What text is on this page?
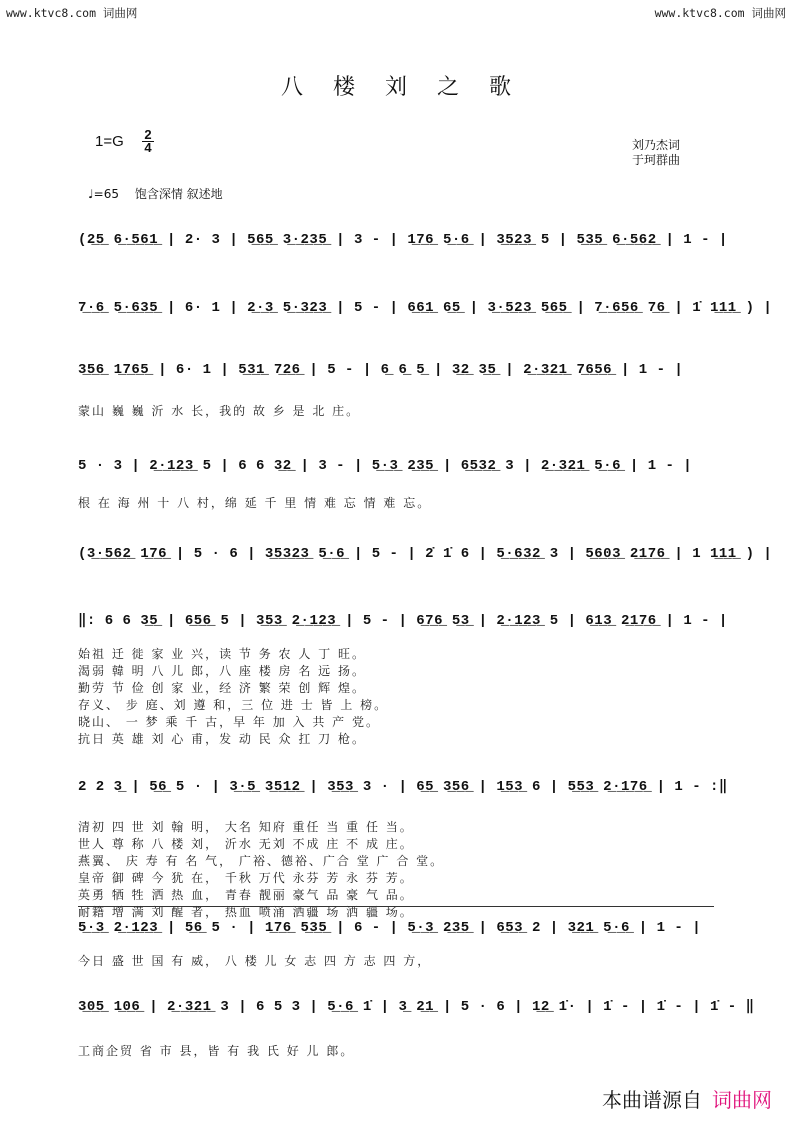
www.ktvc8.com 词曲网	www.ktvc8.com 词曲网
八楼刘之歌
$1=G \frac{2}{4}$	刘乃杰词
于珂群曲
♩=65 饱含深情 叙述地
(2̲5̲ 6̲·̲5̲6̲1̲ | 2· 3 | 5̲6̲5̲ 3̲·̲2̲3̲5̲ | 3 - | 1̲7̲6̲ 5̲·̲6̲ | 3̲5̲2̲3̲ 5 | 5̲3̲5̲ 6̲·̲5̲6̲2̲ | 1 - |
7̲·̲6̲ 5̲·̲6̲3̲5̲ | 6· 1 | 2̲·̲3̲ 5̲·̲3̲2̲3̲ | 5 - | 6̲6̲1̲ 6̲5̲ | 3̲·̲5̲2̲3̲ 5̲6̲5̲ | 7̲·̲6̲5̲6̲ 7̲6̲ | 1̇ 1̲1̲1̲ ) |
3̲5̲6̲ 1̲7̲6̲5̲ | 6· 1 | 5̲3̲1̲ 7̲2̲6̲ | 5 - | 6̲ 6̲ 5̲ | 3̲2̲ 3̲5̲ | 2̲·̲3̲2̲1̲ 7̲6̲5̲6̲ | 1 - |
蒙山 巍 巍 沂 水 长，我的 故 乡 是 北 庄。
5 · 3 | 2̲·̲1̲2̲3̲ 5 | 6 6 3̲2̲ | 3 - | 5̲·̲3̲ 2̲3̲5̲ | 6̲5̲3̲2̲ 3 | 2̲·̲3̲2̲1̲ 5̲·̲6̲ | 1 - |
根 在 海 州 十 八 村，绵 延 千 里 情 难 忘 情 难 忘。
(3̲·̲5̲6̲2̲ 1̲7̲6̲ | 5 · 6 | 3̲5̲3̲2̲3̲ 5̲·̲6̲ | 5 - | 2̇ 1̇ 6 | 5̲·̲6̲3̲2̲ 3 | 5̲6̲0̲3̲ 2̲1̲7̲6̲ | 1 1̲1̲1̲ ) |
‖: 6 6 3̲5̲ | 6̲5̲6̲ 5 | 3̲5̲3̲ 2̲·̲1̲2̲3̲ | 5 - | 6̲7̲6̲ 5̲3̲ | 2̲·̲1̲2̲3̲ 5 | 6̲1̲3̲ 2̲1̲7̲6̲ | 1 - |
始祖 迁 徙 家 业 兴，读 节 务 农 人 丁 旺。
渴弱 韓 明 八 儿 郎，八 座 楼 房 名 远 扬。
勤劳 节 俭 创 家 业，经 济 繁 荣 创 辉 煌。
存义、 步 庭、刘 遵 和，三 位 进 士 皆 上 榜。
晓山、 一 梦 乘 千 古，早 年 加 入 共 产 党。
抗日 英 雄 刘 心 甫，发 动 民 众 扛 刀 枪。
2 2 3̲ | 5̲6̲ 5 · | 3̲·̲5̲ 3̲5̲1̲2̲ | 3̲5̲3̲ 3 · | 6̲5̲ 3̲5̲6̲ | 1̲5̲3̲ 6 | 5̲5̲3̲ 2̲·̲1̲7̲6̲ | 1 - :‖
清初 四 世 刘 翰 明， 大名 知府 重任 当 重 任 当。
世人 尊 称 八 楼 刘， 沂水 无刘 不成 庄 不 成 庄。
燕翼、 庆 寿 有 名 气， 广裕、德裕、广合 堂 广 合 堂。
皇帝 御 碑 今 犹 在， 千秋 万代 永芬 芳 永 芬 芳。
英勇 牺 牲 洒 热 血， 青春 靓丽 豪气 品 豪 气 品。
耐籍 增 满 刘 醒 者， 热血 喷涌 洒疆 场 洒 疆 场。
5̲·̲3̲ 2̲·̲1̲2̲3̲ | 5̲6̲ 5 · | 1̲7̲6̲ 5̲3̲5̲ | 6 - | 5̲·̲3̲ 2̲3̲5̲ | 6̲5̲3̲ 2 | 3̲2̲1̲ 5̲·̲6̲ | 1 - |
今日 盛 世 国 有 威， 八 楼 儿 女 志 四 方 志 四 方，
3̲0̲5̲ 1̲0̲6̲ | 2̲·̲3̲2̲1̲ 3 | 6 5 3 | 5̲·̲6̲ 1̇ | 3̲ 2̲1̲ | 5 · 6 | 1̲2̲ 1̇· | 1̇ - | 1̇ - | 1̇ - ‖
工商企贸 省 市 县，皆 有 我 氏 好 儿 郎。
本曲谱源自 词曲网
